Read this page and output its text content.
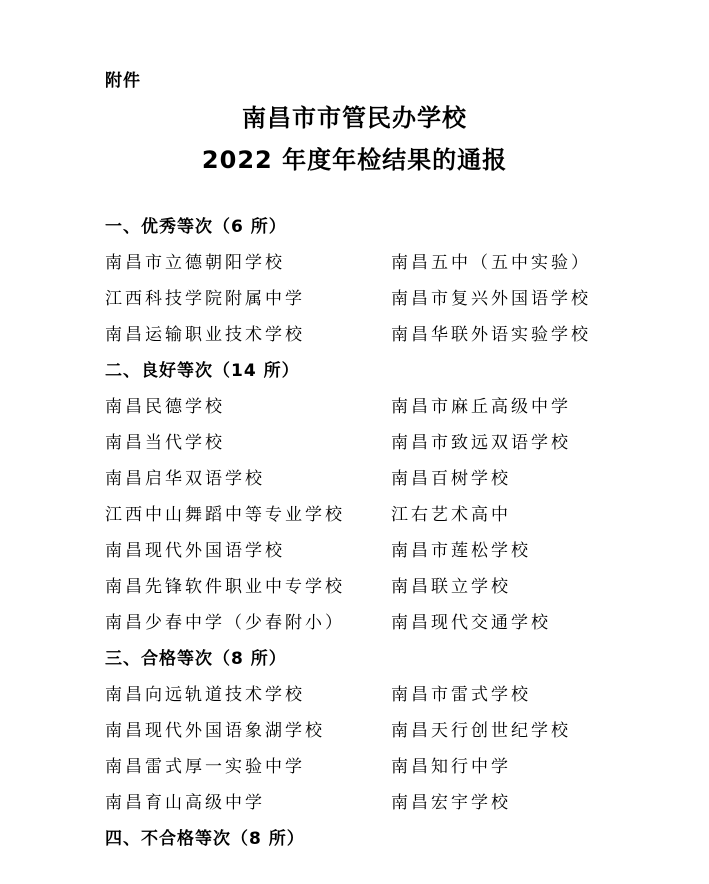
附件
南昌市市管民办学校
2022 年度年检结果的通报
一、优秀等次（6 所）
南昌市立德朝阳学校	南昌五中（五中实验）
江西科技学院附属中学	南昌市复兴外国语学校
南昌运输职业技术学校	南昌华联外语实验学校
二、良好等次（14 所）
南昌民德学校	南昌市麻丘高级中学
南昌当代学校	南昌市致远双语学校
南昌启华双语学校	南昌百树学校
江西中山舞蹈中等专业学校	江右艺术高中
南昌现代外国语学校	南昌市莲松学校
南昌先锋软件职业中专学校	南昌联立学校
南昌少春中学（少春附小）	南昌现代交通学校
三、合格等次（8 所）
南昌向远轨道技术学校	南昌市雷式学校
南昌现代外国语象湖学校	南昌天行创世纪学校
南昌雷式厚一实验中学	南昌知行中学
南昌育山高级中学	南昌宏宇学校
四、不合格等次（8 所）
